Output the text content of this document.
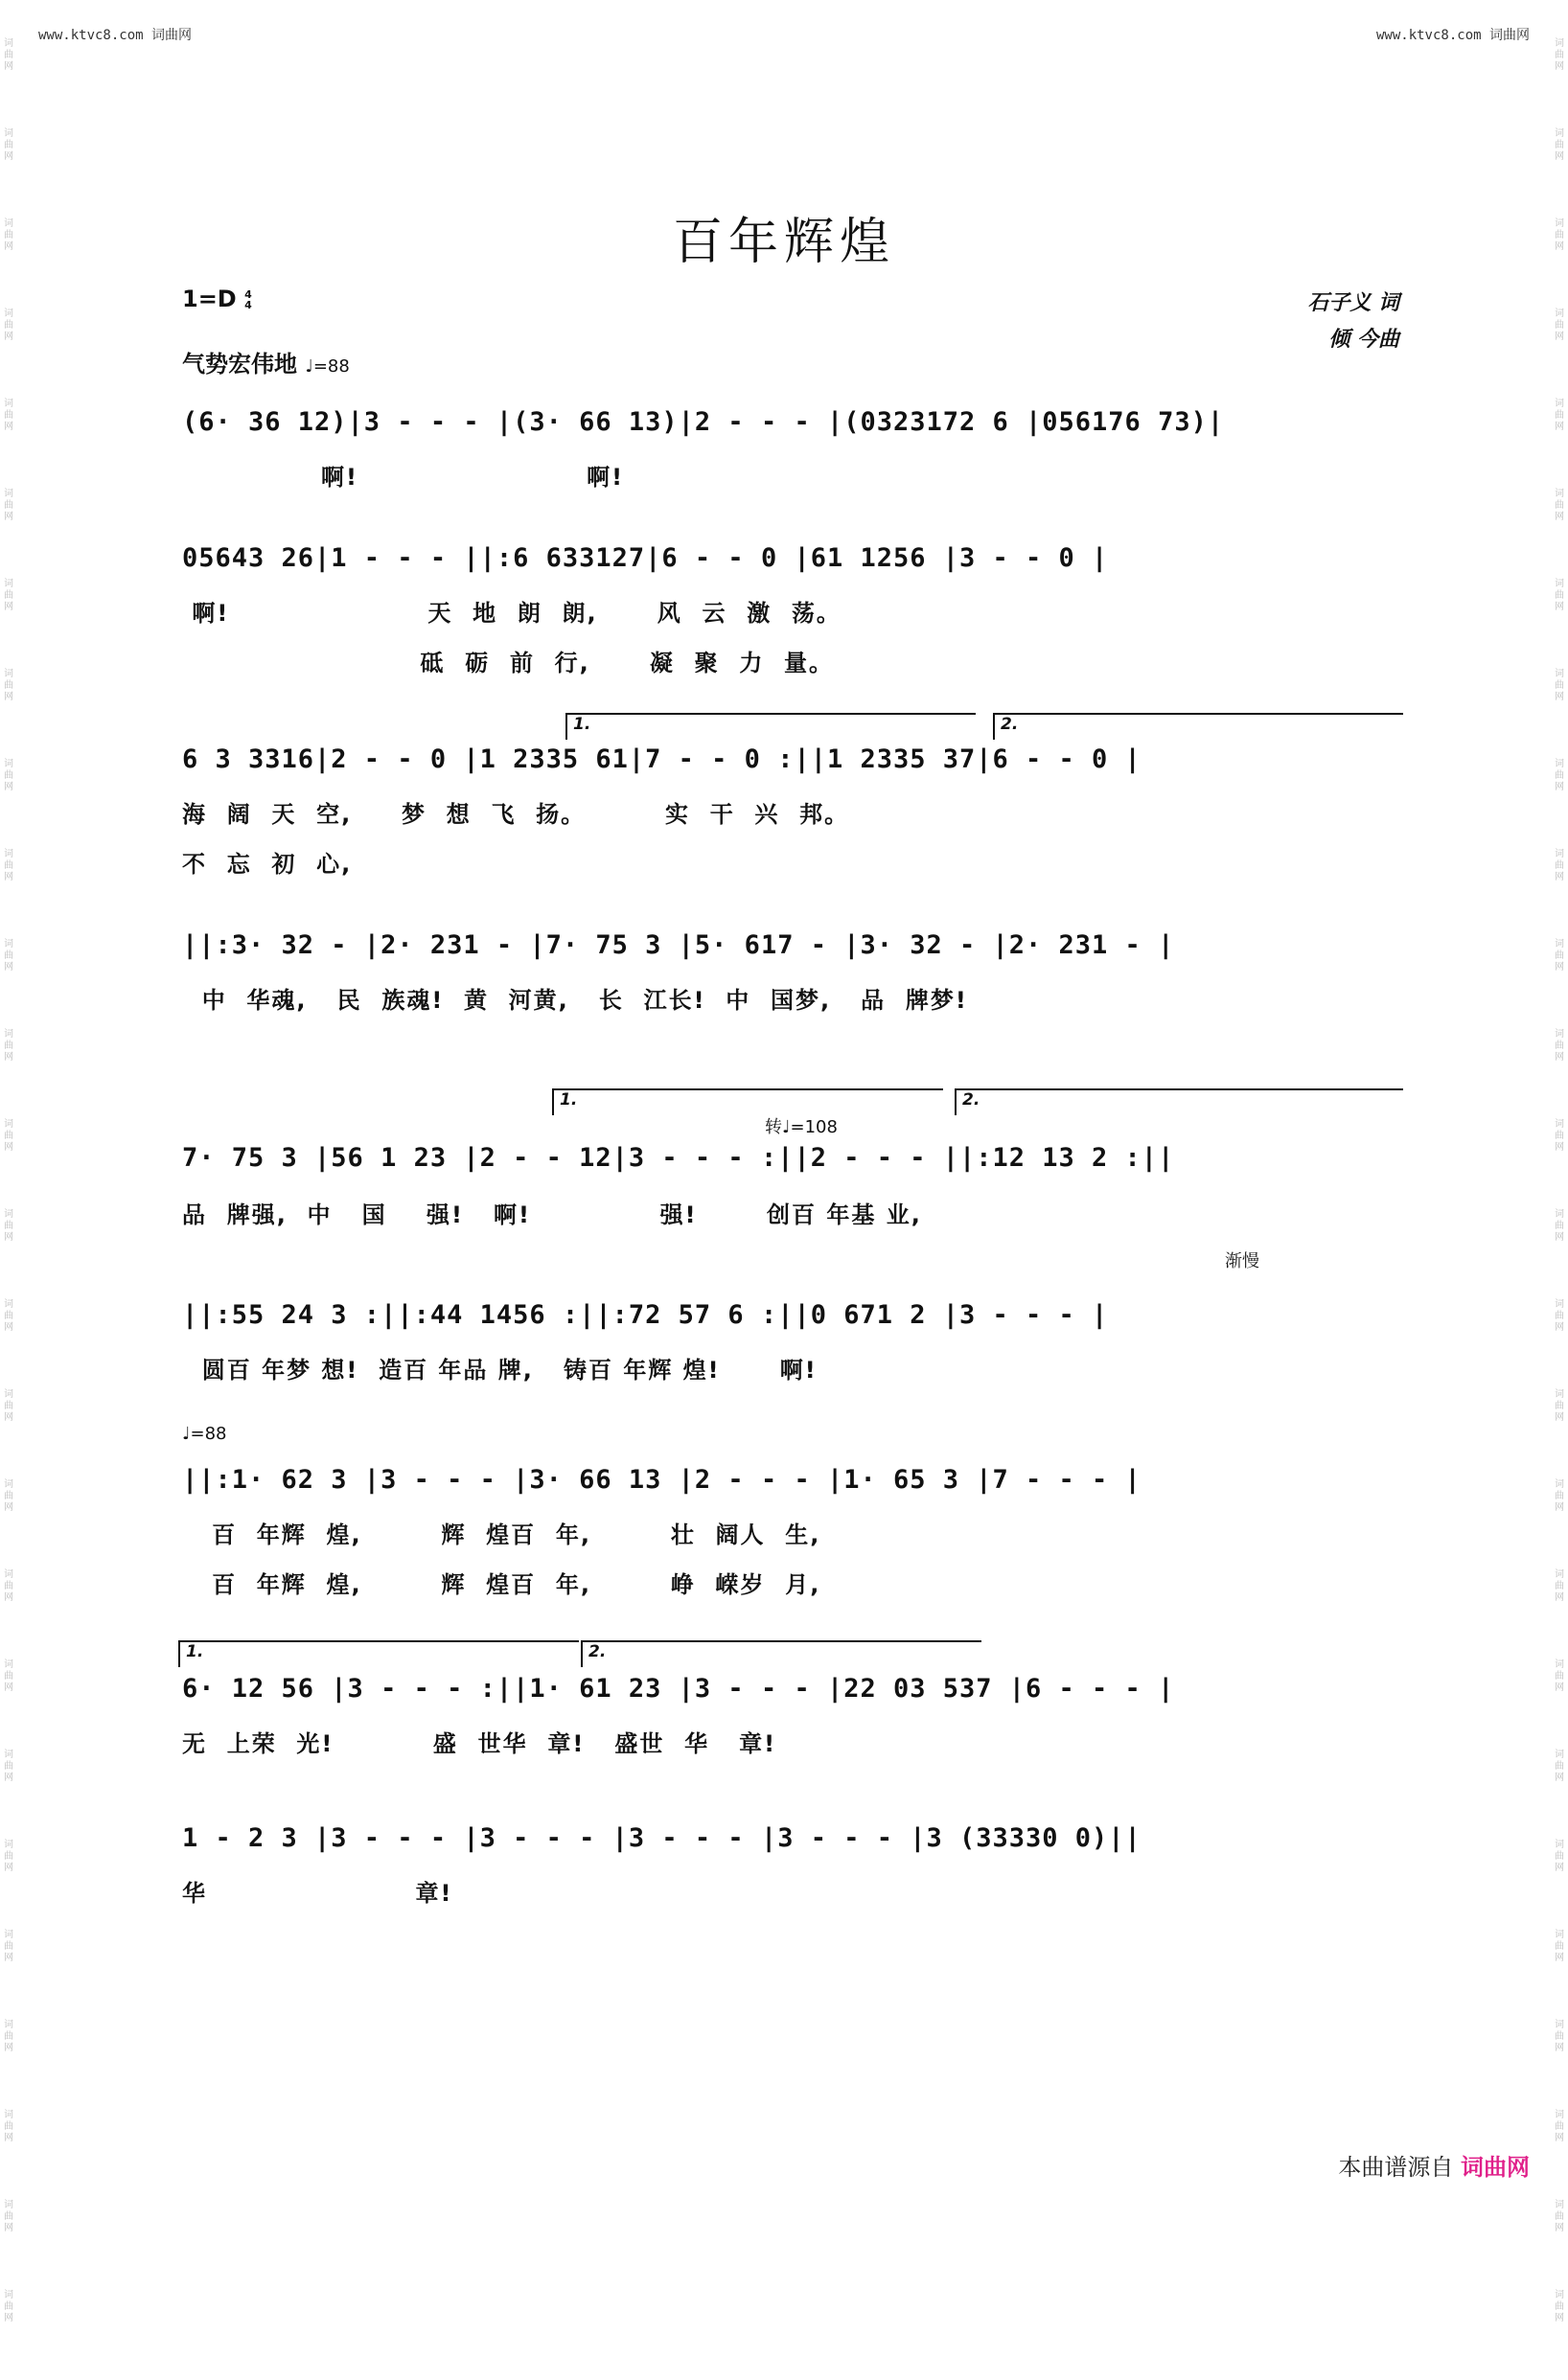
www.ktvc8.com 词曲网	www.ktvc8.com 词曲网
词曲网
词曲网
词曲网
词曲网
词曲网
词曲网
词曲网
词曲网
词曲网
词曲网
词曲网
词曲网
词曲网
词曲网
词曲网
词曲网
词曲网
词曲网
词曲网
词曲网
词曲网
词曲网
词曲网
词曲网
词曲网
词曲网
词曲网
词曲网
词曲网
词曲网
词曲网
词曲网
词曲网
词曲网
词曲网
词曲网
词曲网
词曲网
词曲网
词曲网
词曲网
词曲网
词曲网
词曲网
词曲网
词曲网
词曲网
词曲网
词曲网
词曲网
词曲网
词曲网
百年辉煌
1=D 4
4
气势宏伟地 ♩=88
石子义 词
倾 今曲
(6· 36 12)|3 - - - |(3· 66 13)|2 - - - |(0323172 6 |056176 73)|
啊!                       啊!
05643 26|1 - - - ||:6 633127|6 - - 0 |61 1256 |3 - - 0 |
啊!                    天  地  朗  朗,      风  云  激  荡。
砥  砺  前  行,      凝  聚  力  量。
1.	2.
6 3 3316|2 - - 0 |1 2335 61|7 - - 0 :||1 2335 37|6 - - 0 |
海  阔  天  空,     梦  想  飞  扬。        实  干  兴  邦。
不  忘  初  心,
||:3· 32 - |2· 231 - |7· 75 3 |5· 617 - |3· 32 - |2· 231 - |
中  华魂,   民  族魂!  黄  河黄,   长  江长!  中  国梦,   品  牌梦!
1.	2.
转♩=108
7· 75 3 |56 1 23 |2 - - 12|3 - - - :||2 - - - ||:12 13 2 :||
品  牌强,  中   国    强!   啊!             强!       创百 年基 业,
渐慢
||:55 24 3 :||:44 1456 :||:72 57 6 :||0 671 2 |3 - - - |
圆百 年梦 想!  造百 年品 牌,   铸百 年辉 煌!      啊!
♩=88
||:1· 62 3 |3 - - - |3· 66 13 |2 - - - |1· 65 3 |7 - - - |
百  年辉  煌,        辉  煌百  年,        壮  阔人  生,
百  年辉  煌,        辉  煌百  年,        峥  嵘岁  月,
1.	2.
6· 12 56 |3 - - - :||1· 61 23 |3 - - - |22 03 537 |6 - - - |
无  上荣  光!          盛  世华  章!   盛世  华   章!
1 - 2 3 |3 - - - |3 - - - |3 - - - |3 - - - |3 (33330 0)||
华                     章!
本曲谱源自 词曲网
